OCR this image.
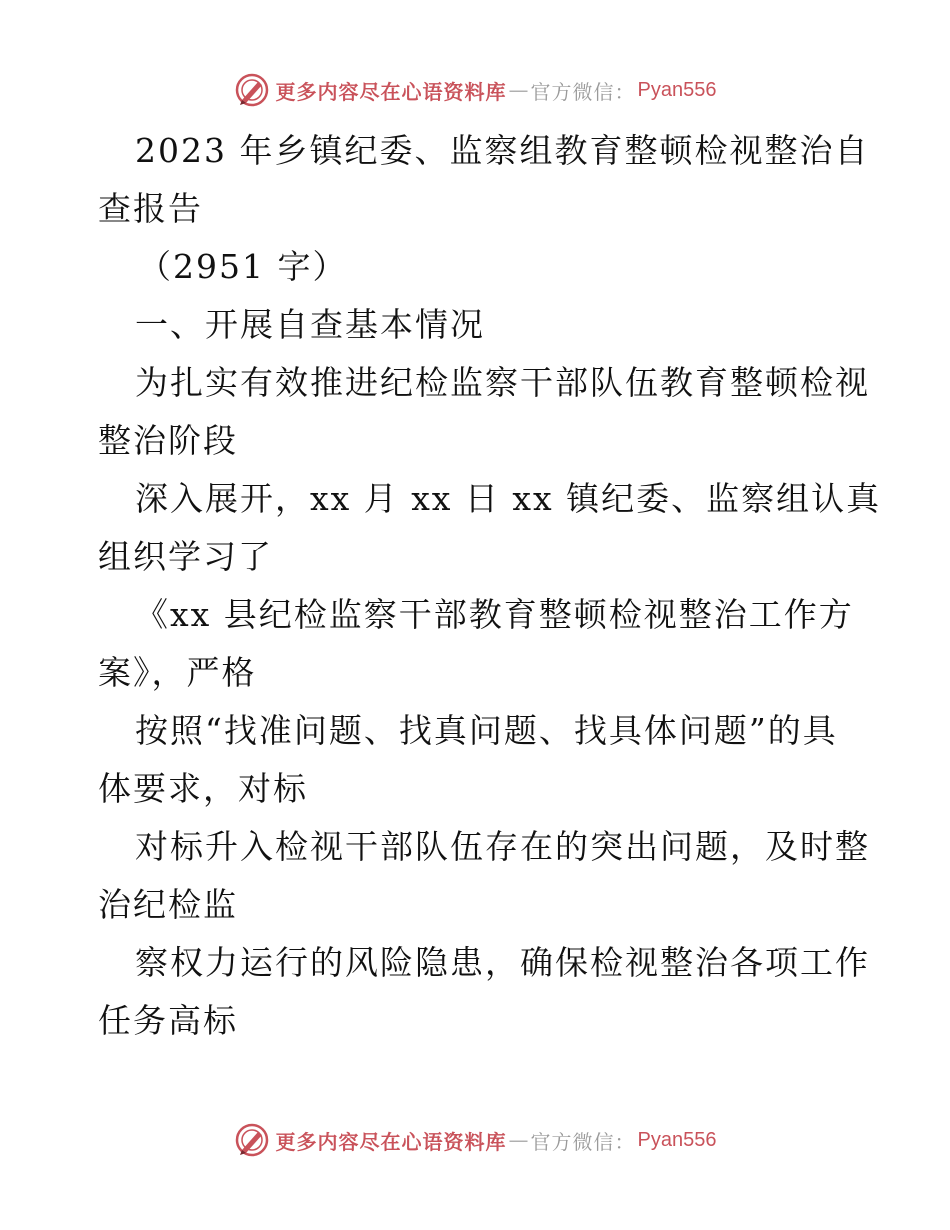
更多内容尽在心语资料库 — 官方微信： Pyan556
2023 年乡镇纪委、监察组教育整顿检视整治自
查报告
（2951 字）
一、开展自查基本情况
为扎实有效推进纪检监察干部队伍教育整顿检视
整治阶段
深入展开，xx 月 xx 日 xx 镇纪委、监察组认真
组织学习了
《xx 县纪检监察干部教育整顿检视整治工作方
案》，严格
按照“找准问题、找真问题、找具体问题”的具
体要求，对标
对标升入检视干部队伍存在的突出问题，及时整
治纪检监
察权力运行的风险隐患，确保检视整治各项工作
任务高标
更多内容尽在心语资料库 — 官方微信： Pyan556
